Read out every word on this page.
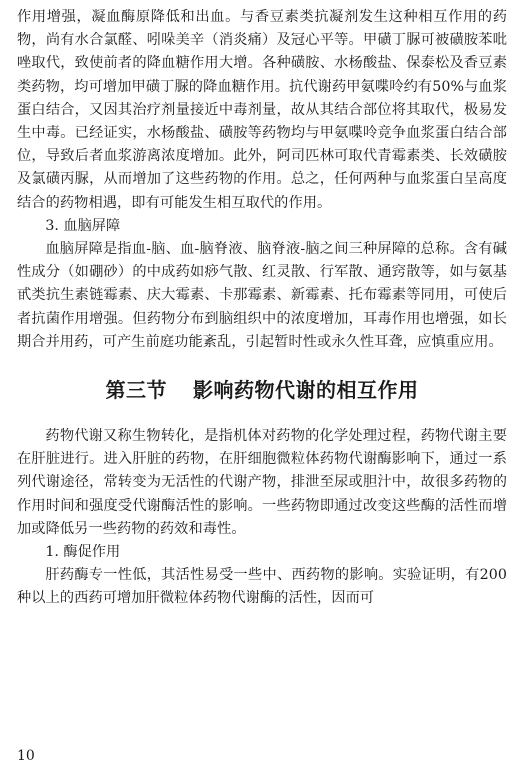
作用增强，凝血酶原降低和出血。与香豆素类抗凝剂发生这种相互作用的药物，尚有水合氯醛、吲哚美辛（消炎痛）及冠心平等。甲磺丁脲可被磺胺苯吡唑取代，致使前者的降血糖作用大增。各种磺胺、水杨酸盐、保泰松及香豆素类药物，均可增加甲磺丁脲的降血糖作用。抗代谢药甲氨喋呤约有50%与血浆蛋白结合，又因其治疗剂量接近中毒剂量，故从其结合部位将其取代，极易发生中毒。已经证实，水杨酸盐、磺胺等药物均与甲氨喋呤竞争血浆蛋白结合部位，导致后者血浆游离浓度增加。此外，阿司匹林可取代青霉素类、长效磺胺及氯磺丙脲，从而增加了这些药物的作用。总之，任何两种与血浆蛋白呈高度结合的药物相遇，即有可能发生相互取代的作用。

3. 血脑屏障

血脑屏障是指血-脑、血-脑脊液、脑脊液-脑之间三种屏障的总称。含有碱性成分（如硼砂）的中成药如痧气散、红灵散、行军散、通窍散等，如与氨基甙类抗生素链霉素、庆大霉素、卡那霉素、新霉素、托布霉素等同用，可使后者抗菌作用增强。但药物分布到脑组织中的浓度增加，耳毒作用也增强，如长期合并用药，可产生前庭功能紊乱，引起暂时性或永久性耳聋，应慎重应用。

第三节 影响药物代谢的相互作用

药物代谢又称生物转化，是指机体对药物的化学处理过程，药物代谢主要在肝脏进行。进入肝脏的药物，在肝细胞微粒体药物代谢酶影响下，通过一系列代谢途径，常转变为无活性的代谢产物，排泄至尿或胆汁中，故很多药物的作用时间和强度受代谢酶活性的影响。一些药物即通过改变这些酶的活性而增加或降低另一些药物的药效和毒性。

1. 酶促作用

肝药酶专一性低，其活性易受一些中、西药物的影响。实验证明，有200种以上的西药可增加肝微粒体药物代谢酶的活性，因而可

10
